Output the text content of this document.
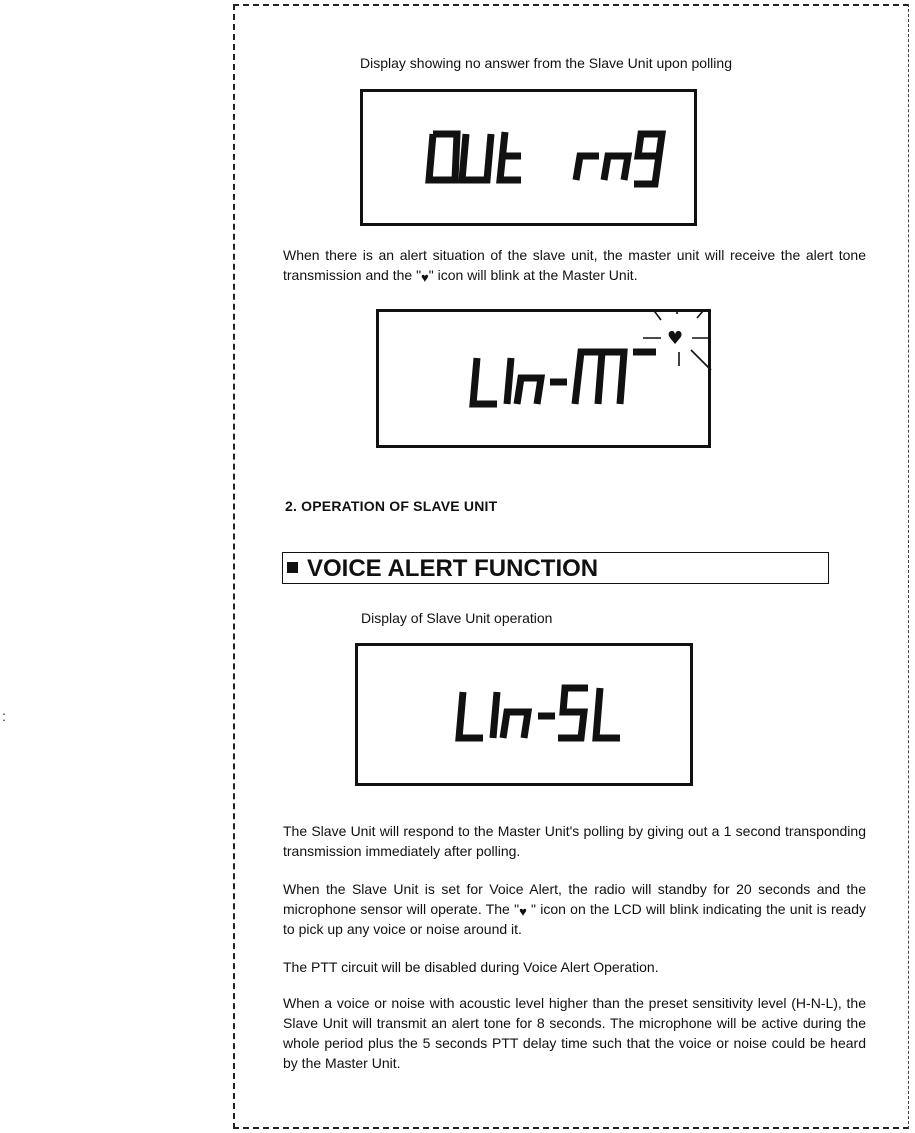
:
Display showing no answer from the Slave Unit upon polling

When there is an alert situation of the slave unit, the master unit will receive the alert tone transmission and the "♥" icon will blink at the Master Unit.

♥
2. OPERATION OF SLAVE UNIT
VOICE ALERT FUNCTION
Display of Slave Unit operation

The Slave Unit will respond to the Master Unit's polling by giving out a 1 second transponding transmission immediately after polling.

When the Slave Unit is set for Voice Alert, the radio will standby for 20 seconds and the microphone sensor will operate. The "♥ " icon on the LCD will blink indicating the unit is ready to pick up any voice or noise around it.

The PTT circuit will be disabled during Voice Alert Operation.

When a voice or noise with acoustic level higher than the preset sensitivity level (H-N-L), the Slave Unit will transmit an alert tone for 8 seconds. The microphone will be active during the whole period plus the 5 seconds PTT delay time such that the voice or noise could be heard by the Master Unit.
